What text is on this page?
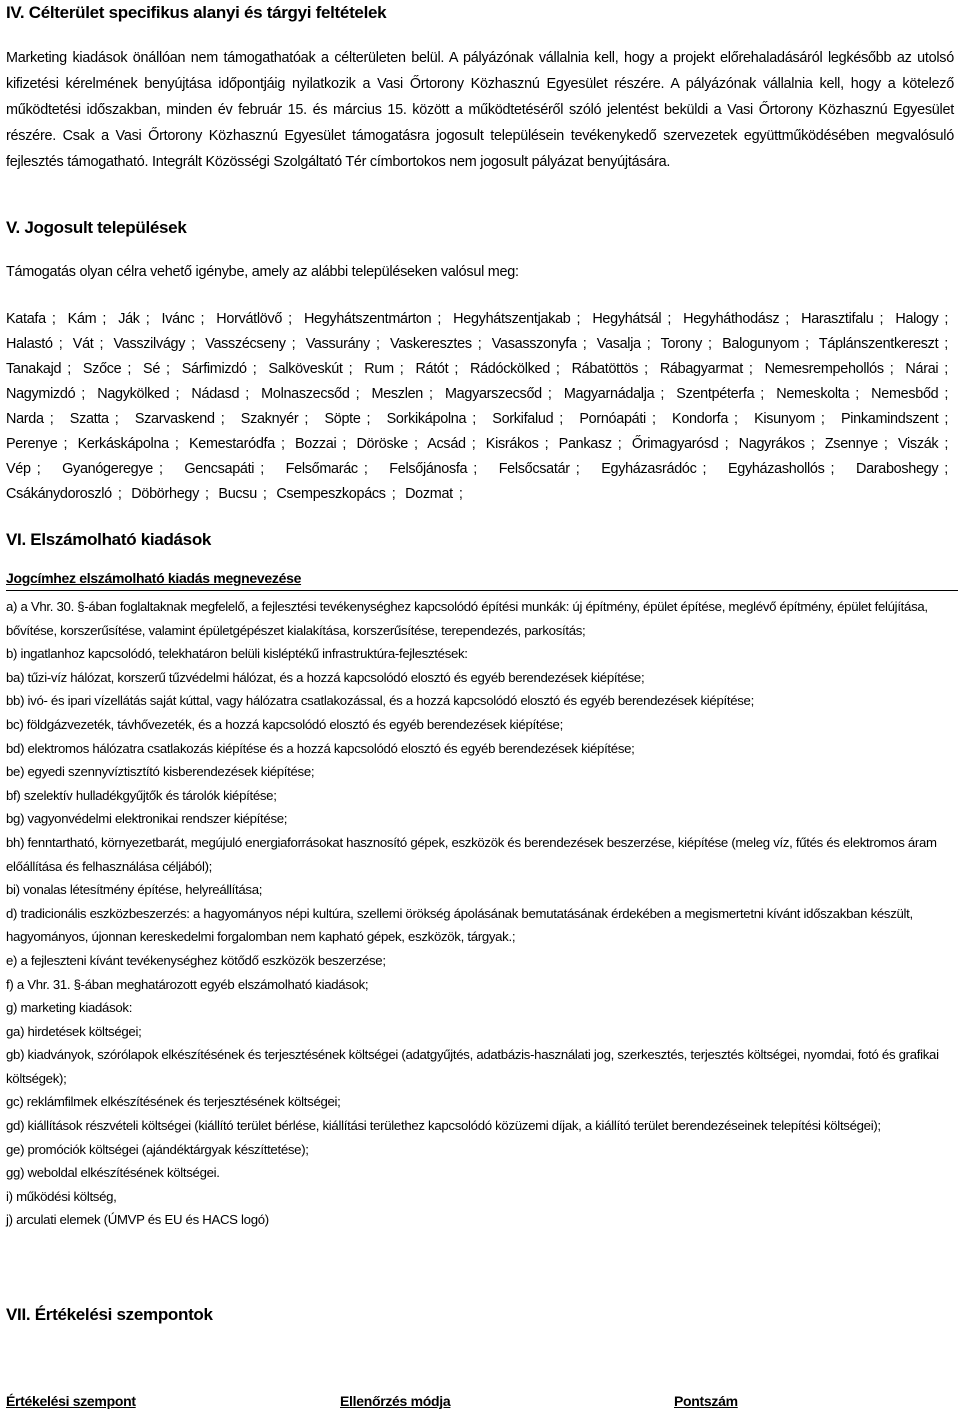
IV. Célterület specifikus alanyi és tárgyi feltételek

Marketing kiadások önállóan nem támogathatóak a célterületen belül. A pályázónak vállalnia kell, hogy a projekt előrehaladásáról legkésőbb az utolsó kifizetési kérelmének benyújtása időpontjáig nyilatkozik a Vasi Őrtorony Közhasznú Egyesület részére. A pályázónak vállalnia kell, hogy a kötelező működtetési időszakban, minden év február 15. és március 15. között a működtetéséről szóló jelentést beküldi a Vasi Őrtorony Közhasznú Egyesület részére. Csak a Vasi Őrtorony Közhasznú Egyesület támogatásra jogosult településein tevékenykedő szervezetek együttműködésében megvalósuló fejlesztés támogatható. Integrált Közösségi Szolgáltató Tér címbortokos nem jogosult pályázat benyújtására.

V. Jogosult települések
Támogatás olyan célra vehető igénybe, amely az alábbi településeken valósul meg:
Katafa ; Kám ; Ják ; Ivánc ; Horvátlövő ; Hegyhátszentmárton ; Hegyhátszentjakab ; Hegyhátsál ; Hegyháthodász ; Harasztifalu ; Halogy ; Halastó ; Vát ; Vasszilvágy ; Vasszécseny ; Vassurány ; Vaskeresztes ; Vasasszonyfa ; Vasalja ; Torony ; Balogunyom ; Táplánszentkereszt ; Tanakajd ; Szőce ; Sé ; Sárfimizdó ; Salköveskút ; Rum ; Rátót ; Rádóckölked ; Rábatöttös ; Rábagyarmat ; Nemesrempehollós ; Nárai ; Nagymizdó ; Nagykölked ; Nádasd ; Molnaszecsőd ; Meszlen ; Magyarszecsőd ; Magyarnádalja ; Szentpéterfa ; Nemeskolta ; Nemesbőd ; Narda ; Szatta ; Szarvaskend ; Szaknyér ; Söpte ; Sorkikápolna ; Sorkifalud ; Pornóapáti ; Kondorfa ; Kisunyom ; Pinkamindszent ; Perenye ; Kerkáskápolna ; Kemestaródfa ; Bozzai ; Döröske ; Acsád ; Kisrákos ; Pankasz ; Őrimagyarósd ; Nagyrákos ; Zsennye ; Viszák ; Vép ; Gyanógeregye ; Gencsapáti ; Felsőmarác ; Felsőjánosfa ; Felsőcsatár ; Egyházasrádóc ; Egyházashollós ; Daraboshegy ; Csákánydoroszló ; Döbörhegy ; Bucsu ; Csempeszkopács ; Dozmat ;
VI. Elszámolható kiadások
Jogcímhez elszámolható kiadás megnevezése

a) a Vhr. 30. §-ában foglaltaknak megfelelő, a fejlesztési tevékenységhez kapcsolódó építési munkák: új építmény, épület építése, meglévő építmény, épület felújítása, bővítése, korszerűsítése, valamint épületgépészet kialakítása, korszerűsítése, terependezés, parkosítás;

b) ingatlanhoz kapcsolódó, telekhatáron belüli kisléptékű infrastruktúra-fejlesztések:

ba) tűzi-víz hálózat, korszerű tűzvédelmi hálózat, és a hozzá kapcsolódó elosztó és egyéb berendezések kiépítése;

bb) ivó- és ipari vízellátás saját kúttal, vagy hálózatra csatlakozással, és a hozzá kapcsolódó elosztó és egyéb berendezések kiépítése;

bc) földgázvezeték, távhővezeték, és a hozzá kapcsolódó elosztó és egyéb berendezések kiépítése;

bd) elektromos hálózatra csatlakozás kiépítése és a hozzá kapcsolódó elosztó és egyéb berendezések kiépítése;

be) egyedi szennyvíztisztító kisberendezések kiépítése;

bf) szelektív hulladékgyűjtők és tárolók kiépítése;

bg) vagyonvédelmi elektronikai rendszer kiépítése;

bh) fenntartható, környezetbarát, megújuló energiaforrásokat hasznosító gépek, eszközök és berendezések beszerzése, kiépítése (meleg víz, fűtés és elektromos áram előállítása és felhasználása céljából);

bi) vonalas létesítmény építése, helyreállítása;

d) tradicionális eszközbeszerzés: a hagyományos népi kultúra, szellemi örökség ápolásának bemutatásának érdekében a megismertetni kívánt időszakban készült, hagyományos, újonnan kereskedelmi forgalomban nem kapható gépek, eszközök, tárgyak.;

e) a fejleszteni kívánt tevékenységhez kötődő eszközök beszerzése;

f) a Vhr. 31. §-ában meghatározott egyéb elszámolható kiadások;

g) marketing kiadások:

ga) hirdetések költségei;

gb) kiadványok, szórólapok elkészítésének és terjesztésének költségei (adatgyűjtés, adatbázis-használati jog, szerkesztés, terjesztés költségei, nyomdai, fotó és grafikai költségek);

gc) reklámfilmek elkészítésének és terjesztésének költségei;

gd) kiállítások részvételi költségei (kiállító terület bérlése, kiállítási területhez kapcsolódó közüzemi díjak, a kiállító terület berendezéseinek telepítési költségei);

ge) promóciók költségei (ajándéktárgyak készíttetése);

gg) weboldal elkészítésének költségei.

i) működési költség,

j) arculati elemek (ÚMVP és EU és HACS logó)

VII. Értékelési szempontok
Értékelési szempont	Ellenőrzés módja	Pontszám
